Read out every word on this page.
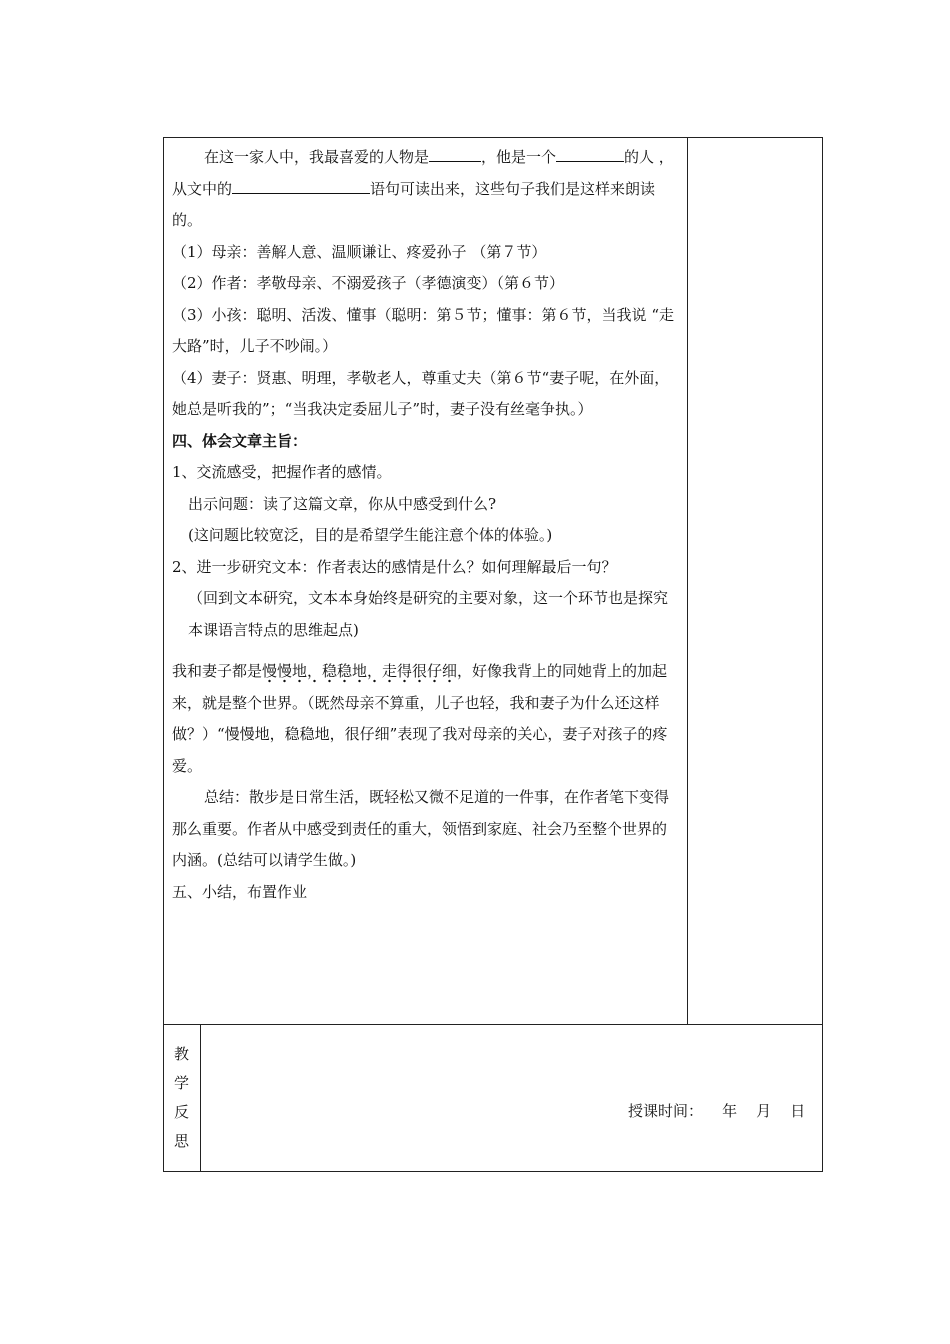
在这一家人中，我最喜爱的人物是	，他是一个	的人 ，从文中的	语句可读出来，这些句子我们是这样来朗读的。

（1）母亲：善解人意、温顺谦让、疼爱孙子 （第７节）

（2）作者：孝敬母亲、不溺爱孩子（孝德演变）（第６节）

（3）小孩：聪明、活泼、懂事（聪明：第５节；懂事：第６节，当我说 “走大路”时，儿子不吵闹。）

（4）妻子：贤惠、明理，孝敬老人，尊重丈夫（第６节“妻子呢，在外面，她总是听我的”；“当我决定委屈儿子”时，妻子没有丝毫争执。）

四、体会文章主旨：

1、交流感受，把握作者的感情。

出示问题：读了这篇文章，你从中感受到什么?

(这问题比较宽泛，目的是希望学生能注意个体的体验。)

2、进一步研究文本：作者表达的感情是什么？如何理解最后一句？

（回到文本研究，文本本身始终是研究的主要对象，这一个环节也是探究本课语言特点的思维起点)

我和妻子都是慢慢地，稳稳地，走得很仔细，好像我背上的同她背上的加起来，就是整个世界。（既然母亲不算重，儿子也轻，我和妻子为什么还这样做？）“慢慢地，稳稳地，很仔细”表现了我对母亲的关心，妻子对孩子的疼爱。

总结：散步是日常生活，既轻松又微不足道的一件事，在作者笔下变得那么重要。作者从中感受到责任的重大，领悟到家庭、社会乃至整个世界的内涵。(总结可以请学生做。)

五、小结，布置作业

教
学
反
思
授课时间：    年    月    日
